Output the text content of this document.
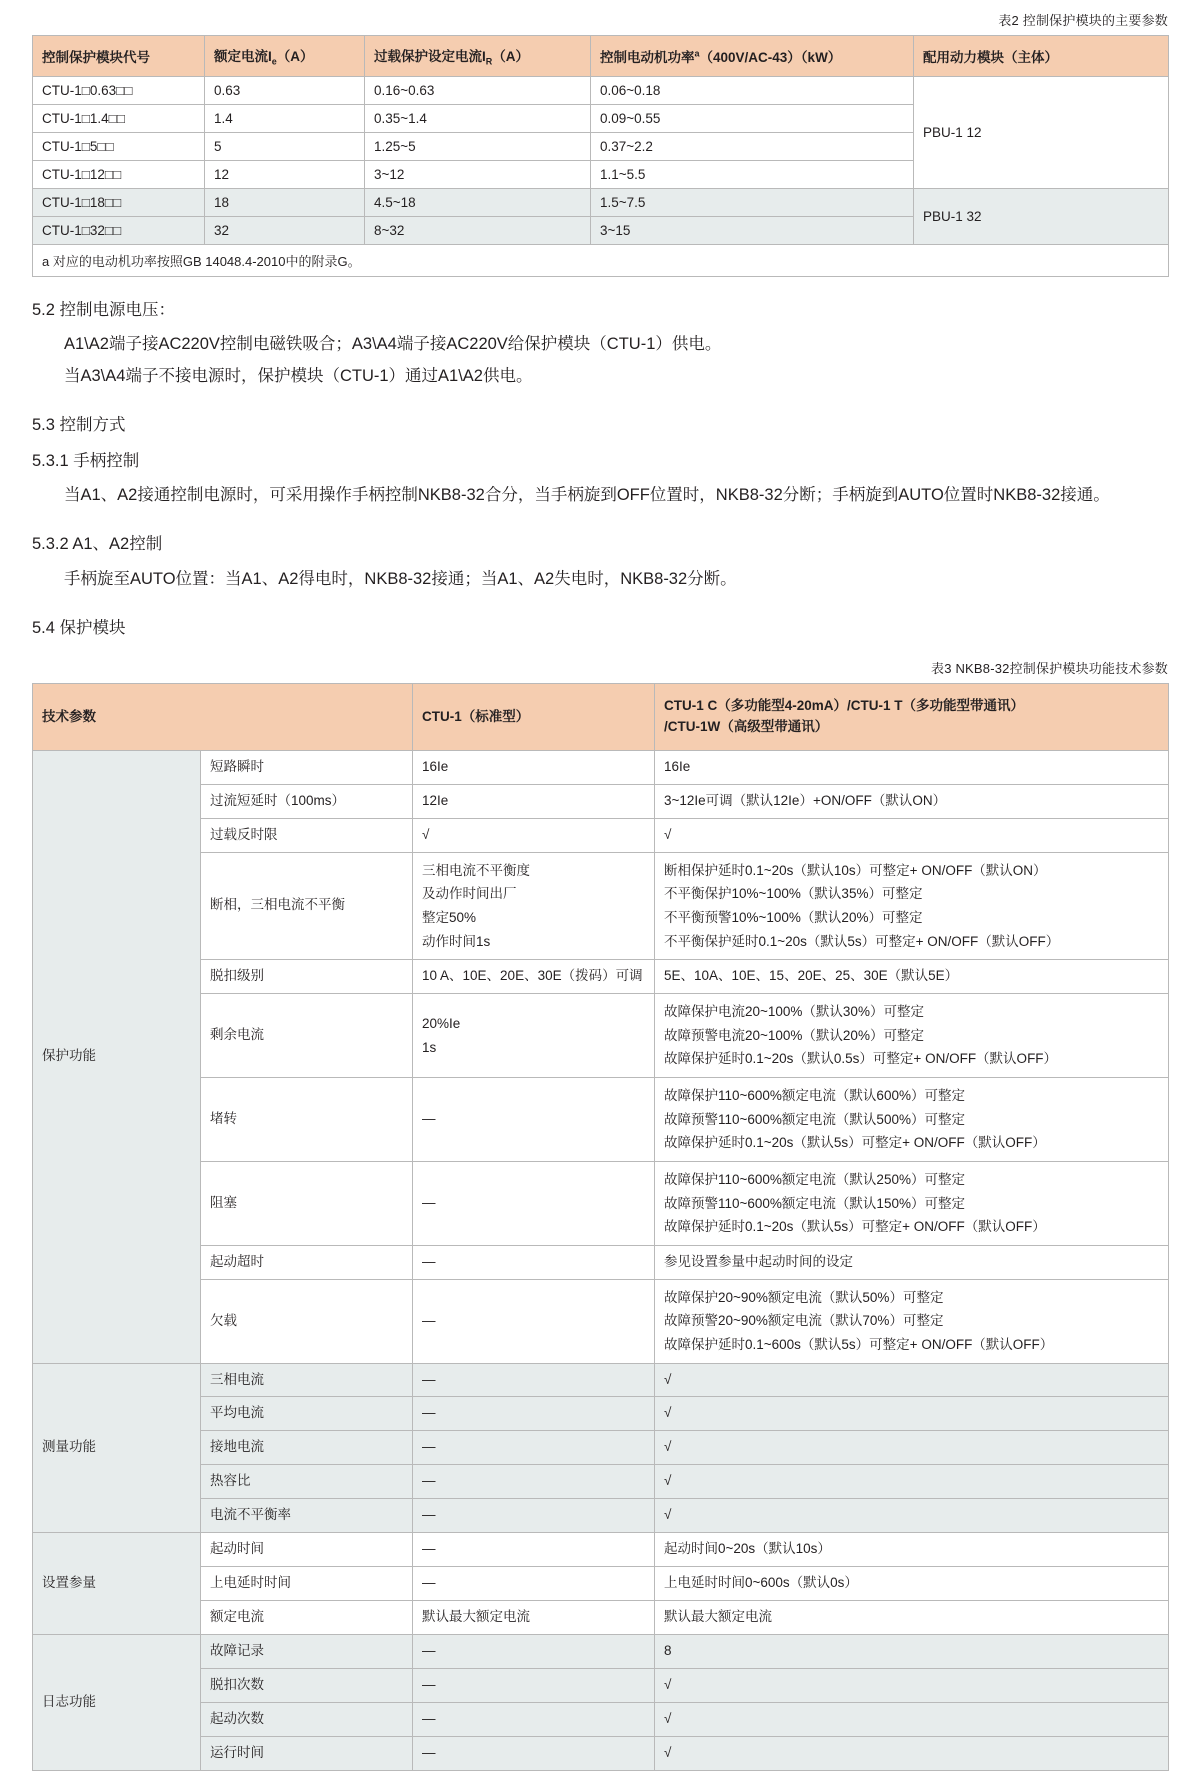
表2 控制保护模块的主要参数
控制保护模块代号	额定电流$I_e(A)$	过载保护设定电流$I_R(A)$	控制电动机功率$^a$（400V/AC-43）（kW）	配用动力模块（主体）
CTU-1□0.63□□	0.63	0.16~0.63	0.06~0.18	PBU-1 12
CTU-1□1.4□□	1.4	0.35~1.4	0.09~0.55	
CTU-1□5□□	5	1.25~5	0.37~2.2	
CTU-1□12□□	12	3~12	1.1~5.5	
CTU-1□18□□	18	4.5~18	1.5~7.5	PBU-1 32
CTU-1□32□□	32	8~32	3~15	
a 对应的电动机功率按照GB 14048.4-2010中的附录G。				
5.2 控制电源电压：
A1\A2端子接AC220V控制电磁铁吸合；A3\A4端子接AC220V给保护模块（CTU-1）供电。
当A3\A4端子不接电源时，保护模块（CTU-1）通过A1\A2供电。
5.3 控制方式
5.3.1 手柄控制
当A1、A2接通控制电源时，可采用操作手柄控制NKB8-32合分，当手柄旋到OFF位置时，NKB8-32分断；手柄旋到AUTO位置时NKB8-32接通。
5.3.2 A1、A2控制
手柄旋至AUTO位置：当A1、A2得电时，NKB8-32接通；当A1、A2失电时，NKB8-32分断。
5.4 保护模块
表3 NKB8-32控制保护模块功能技术参数
技术参数		CTU-1（标准型）	CTU-1 C（多功能型4-20mA）/CTU-1 T（多功能型带通讯）
/CTU-1W（高级型带通讯）

保护功能	短路瞬时	16Ie	16Ie

	过流短延时（100ms）	12Ie	3~12Ie可调（默认12Ie）+ON/OFF（默认ON）

	过载反时限	√	√

	断相，三相电流不平衡	三相电流不平衡度
及动作时间出厂
整定50%
动作时间1s	断相保护延时0.1~20s（默认10s）可整定+ ON/OFF（默认ON）
不平衡保护10%~100%（默认35%）可整定
不平衡预警10%~100%（默认20%）可整定
不平衡保护延时0.1~20s（默认5s）可整定+ ON/OFF（默认OFF）

	脱扣级别	10 A、10E、20E、30E（拨码）可调	5E、10A、10E、15、20E、25、30E（默认5E）

	剩余电流	20%Ie
1s	故障保护电流20~100%（默认30%）可整定
故障预警电流20~100%（默认20%）可整定
故障保护延时0.1~20s（默认0.5s）可整定+ ON/OFF（默认OFF）

	堵转	—	故障保护110~600%额定电流（默认600%）可整定
故障预警110~600%额定电流（默认500%）可整定
故障保护延时0.1~20s（默认5s）可整定+ ON/OFF（默认OFF）

	阻塞	—	故障保护110~600%额定电流（默认250%）可整定
故障预警110~600%额定电流（默认150%）可整定
故障保护延时0.1~20s（默认5s）可整定+ ON/OFF（默认OFF）

	起动超时	—	参见设置参量中起动时间的设定

	欠载	—	故障保护20~90%额定电流（默认50%）可整定
故障预警20~90%额定电流（默认70%）可整定
故障保护延时0.1~600s（默认5s）可整定+ ON/OFF（默认OFF）

测量功能	三相电流	—	√

	平均电流	—	√

	接地电流	—	√

	热容比	—	√

	电流不平衡率	—	√

设置参量	起动时间	—	起动时间0~20s（默认10s）

	上电延时时间	—	上电延时时间0~600s（默认0s）

	额定电流	默认最大额定电流	默认最大额定电流

日志功能	故障记录	—	8

	脱扣次数	—	√

	起动次数	—	√

	运行时间	—	√
